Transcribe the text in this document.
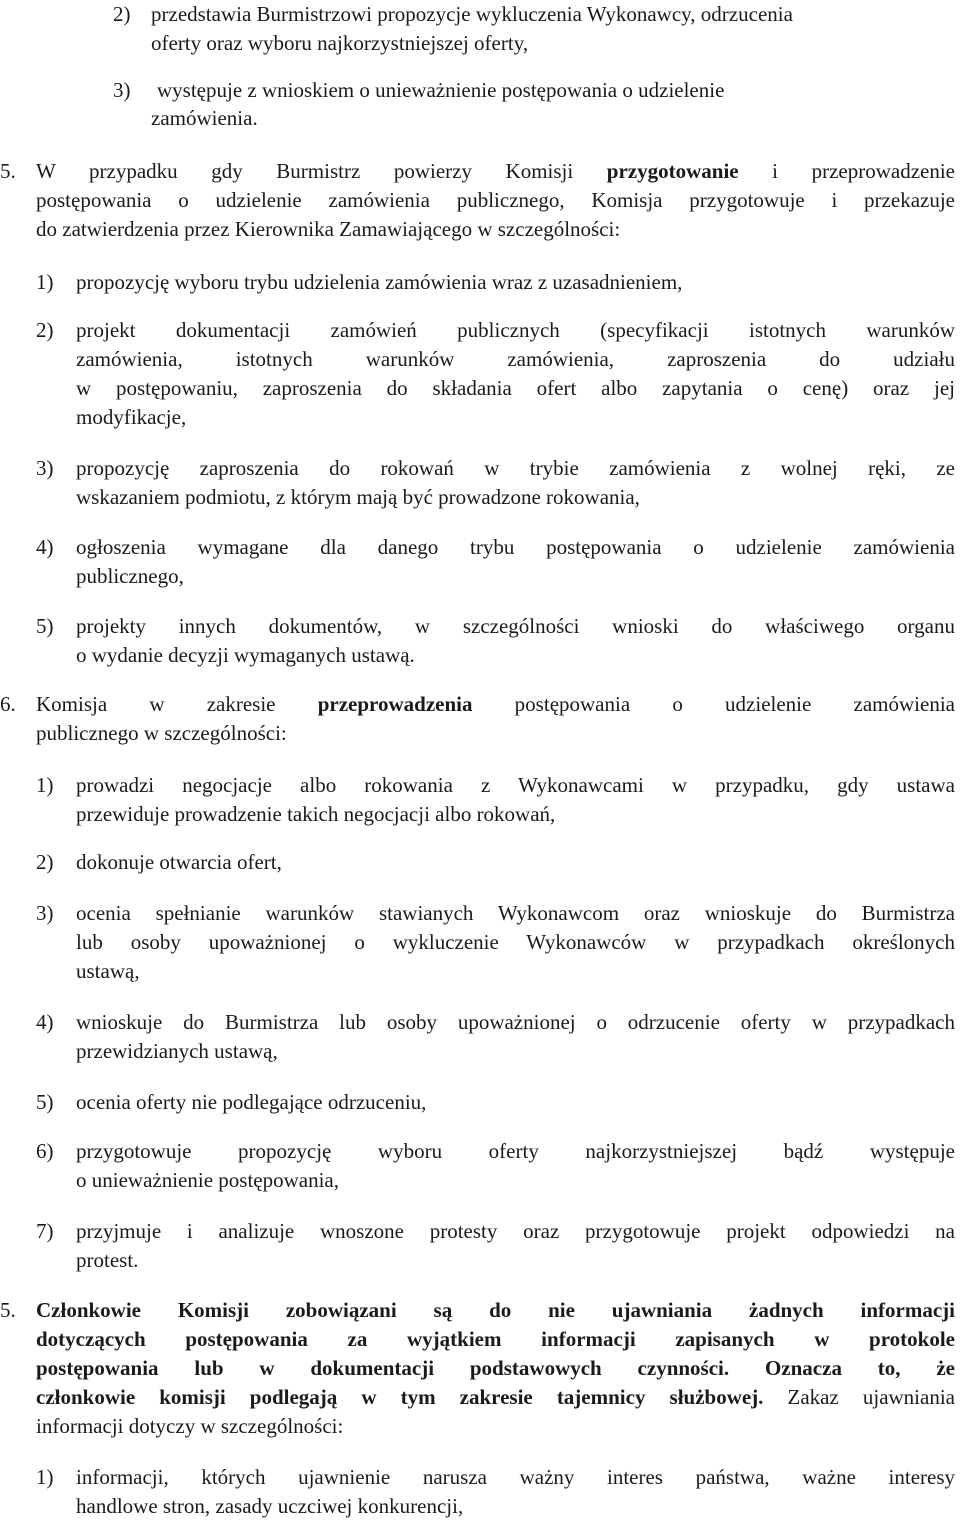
2) przedstawia Burmistrzowi propozycje wykluczenia Wykonawcy, odrzucenia
oferty oraz wyboru najkorzystniejszej oferty,
3) występuje z wnioskiem o unieważnienie postępowania o udzielenie
zamówienia.
5. W przypadku gdy Burmistrz powierzy Komisji przygotowanie i przeprowadzenie
postępowania o udzielenie zamówienia publicznego, Komisja przygotowuje i przekazuje
do zatwierdzenia przez Kierownika Zamawiającego w szczególności:
1) propozycję wyboru trybu udzielenia zamówienia wraz z uzasadnieniem,
2) projekt dokumentacji zamówień publicznych (specyfikacji istotnych warunków
zamówienia, istotnych warunków zamówienia, zaproszenia do udziału
w postępowaniu, zaproszenia do składania ofert albo zapytania o cenę) oraz jej
modyfikacje,
3) propozycję zaproszenia do rokowań w trybie zamówienia z wolnej ręki, ze
wskazaniem podmiotu, z którym mają być prowadzone rokowania,
4) ogłoszenia wymagane dla danego trybu postępowania o udzielenie zamówienia
publicznego,
5) projekty innych dokumentów, w szczególności wnioski do właściwego organu
o wydanie decyzji wymaganych ustawą.
6. Komisja w zakresie przeprowadzenia postępowania o udzielenie zamówienia
publicznego w szczególności:
1) prowadzi negocjacje albo rokowania z Wykonawcami w przypadku, gdy ustawa
przewiduje prowadzenie takich negocjacji albo rokowań,
2) dokonuje otwarcia ofert,
3) ocenia spełnianie warunków stawianych Wykonawcom oraz wnioskuje do Burmistrza
lub osoby upoważnionej o wykluczenie Wykonawców w przypadkach określonych
ustawą,
4) wnioskuje do Burmistrza lub osoby upoważnionej o odrzucenie oferty w przypadkach
przewidzianych ustawą,
5) ocenia oferty nie podlegające odrzuceniu,
6) przygotowuje propozycję wyboru oferty najkorzystniejszej bądź występuje
o unieważnienie postępowania,
7) przyjmuje i analizuje wnoszone protesty oraz przygotowuje projekt odpowiedzi na
protest.
5. Członkowie Komisji zobowiązani są do nie ujawniania żadnych informacji
dotyczących postępowania za wyjątkiem informacji zapisanych w protokole
postępowania lub w dokumentacji podstawowych czynności. Oznacza to, że
członkowie komisji podlegają w tym zakresie tajemnicy służbowej. Zakaz ujawniania
informacji dotyczy w szczególności:
1) informacji, których ujawnienie narusza ważny interes państwa, ważne interesy
handlowe stron, zasady uczciwej konkurencji,
